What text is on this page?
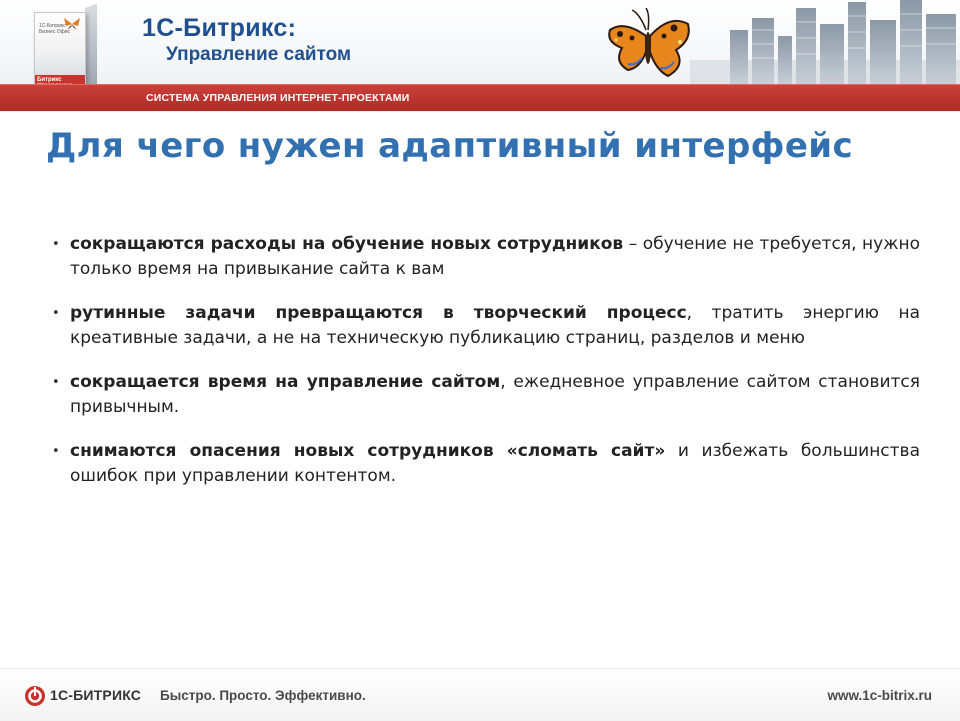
1С-Битрикс Бизнес Офис
Битрикс
1С-Битрикс:
Управление сайтом
СИСТЕМА УПРАВЛЕНИЯ ИНТЕРНЕТ-ПРОЕКТАМИ
Для чего нужен адаптивный интерфейс
• сокращаются расходы на обучение новых сотрудников – обучение не требуется, нужно только время на привыкание сайта к вам
• рутинные задачи превращаются в творческий процесс, тратить энергию на креативные задачи, а не на техническую публикацию страниц, разделов и меню
• сокращается время на управление сайтом, ежедневное управление сайтом становится привычным.
• снимаются опасения новых сотрудников «сломать сайт» и избежать большинства ошибок при управлении контентом.
1С-БИТРИКС Быстро. Просто. Эффективно.	www.1c-bitrix.ru
